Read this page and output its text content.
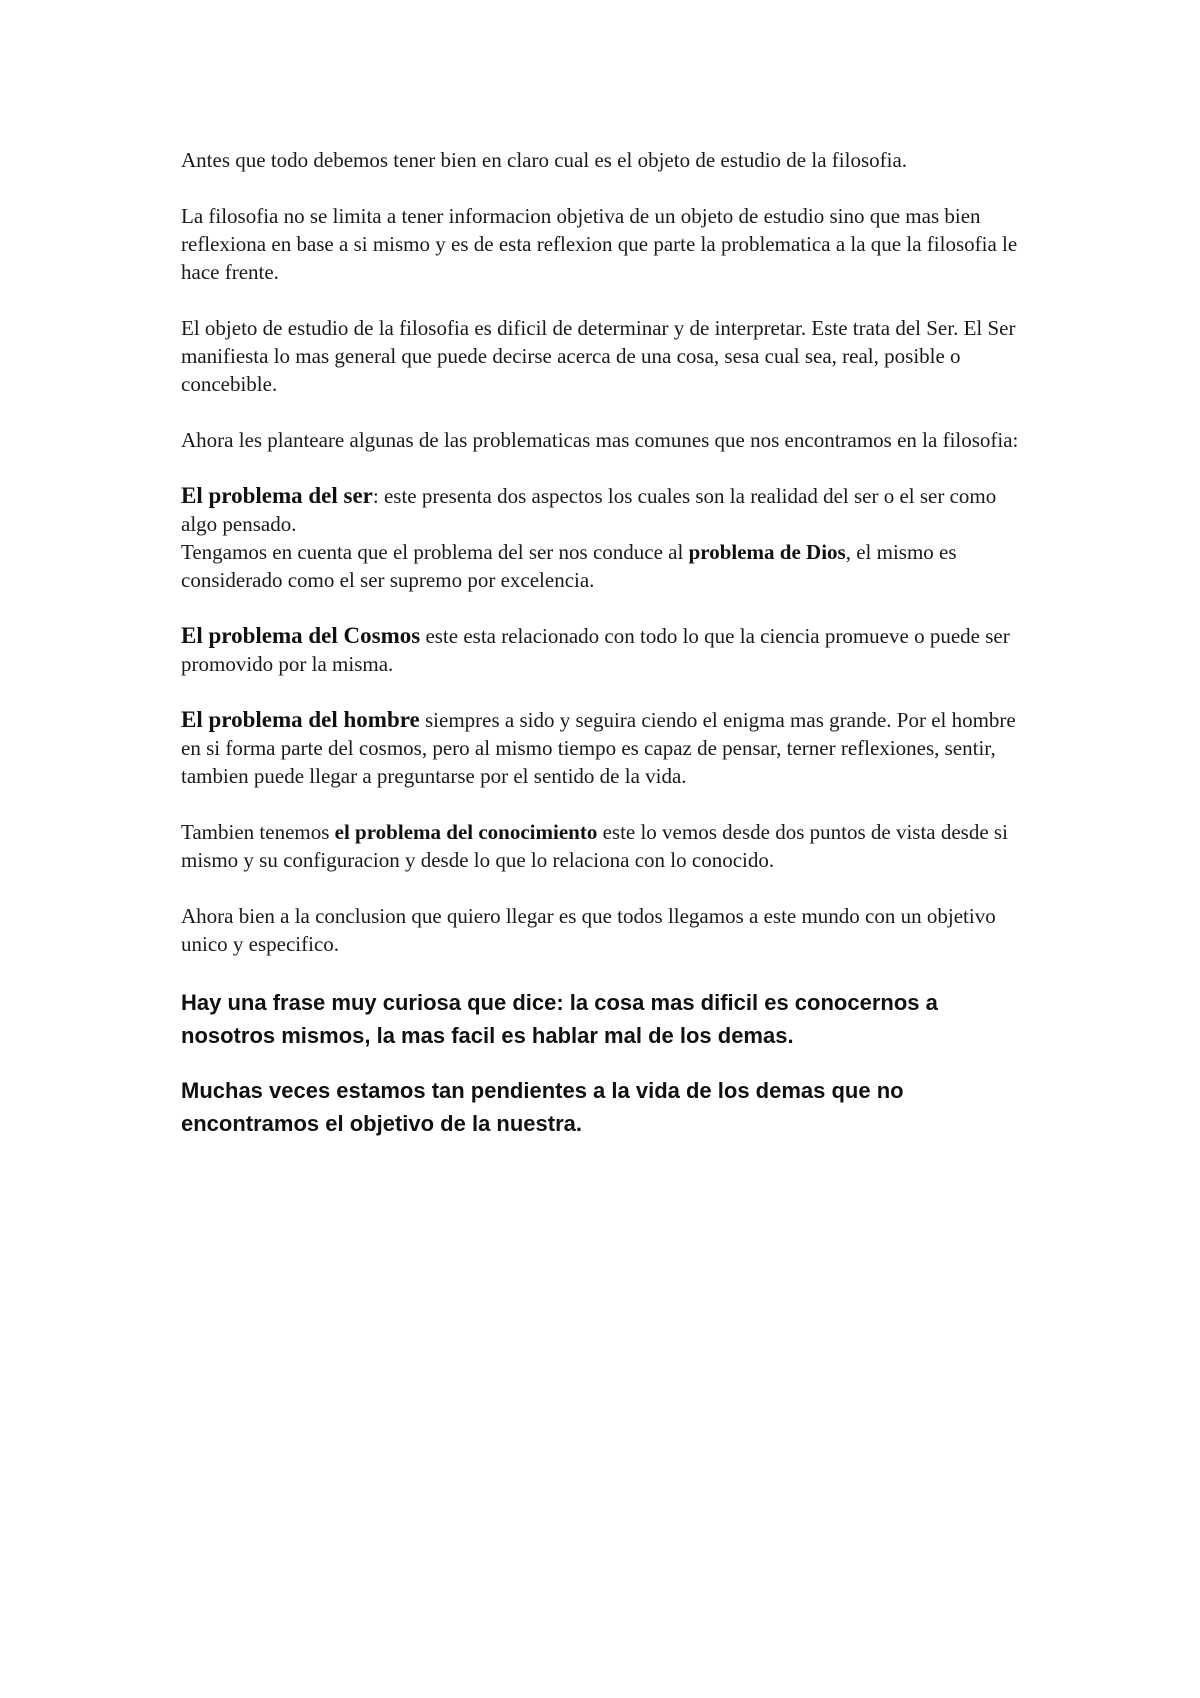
Antes que todo debemos tener bien en claro cual es el objeto de estudio de la filosofia.

La filosofia no se limita a tener informacion objetiva de un objeto de estudio sino que mas bien reflexiona en base a si mismo y es de esta reflexion que parte la problematica a la que la filosofia le hace frente.

El objeto de estudio de la filosofia es dificil de determinar y de interpretar. Este trata del Ser. El Ser manifiesta lo mas general que puede decirse acerca de una cosa, sesa cual sea, real, posible o concebible.

Ahora les planteare algunas de las problematicas mas comunes que nos encontramos en la filosofia:

El problema del ser: este presenta dos aspectos los cuales son la realidad del ser o el ser como algo pensado.

Tengamos en cuenta que el problema del ser nos conduce al problema de Dios, el mismo es considerado como el ser supremo por excelencia.

El problema del Cosmos este esta relacionado con todo lo que la ciencia promueve o puede ser promovido por la misma.

El problema del hombre siempres a sido y seguira ciendo el enigma mas grande. Por el hombre en si forma parte del cosmos, pero al mismo tiempo es capaz de pensar, terner reflexiones, sentir, tambien puede llegar a preguntarse por el sentido de la vida.

Tambien tenemos el problema del conocimiento este lo vemos desde dos puntos de vista desde si mismo y su configuracion y desde lo que lo relaciona con lo conocido.

Ahora bien a la conclusion que quiero llegar es que todos llegamos a este mundo con un objetivo unico y especifico.

Hay una frase muy curiosa que dice: la cosa mas dificil es conocernos a nosotros mismos, la mas facil es hablar mal de los demas.

Muchas veces estamos tan pendientes a la vida de los demas que no encontramos el objetivo de la nuestra.
